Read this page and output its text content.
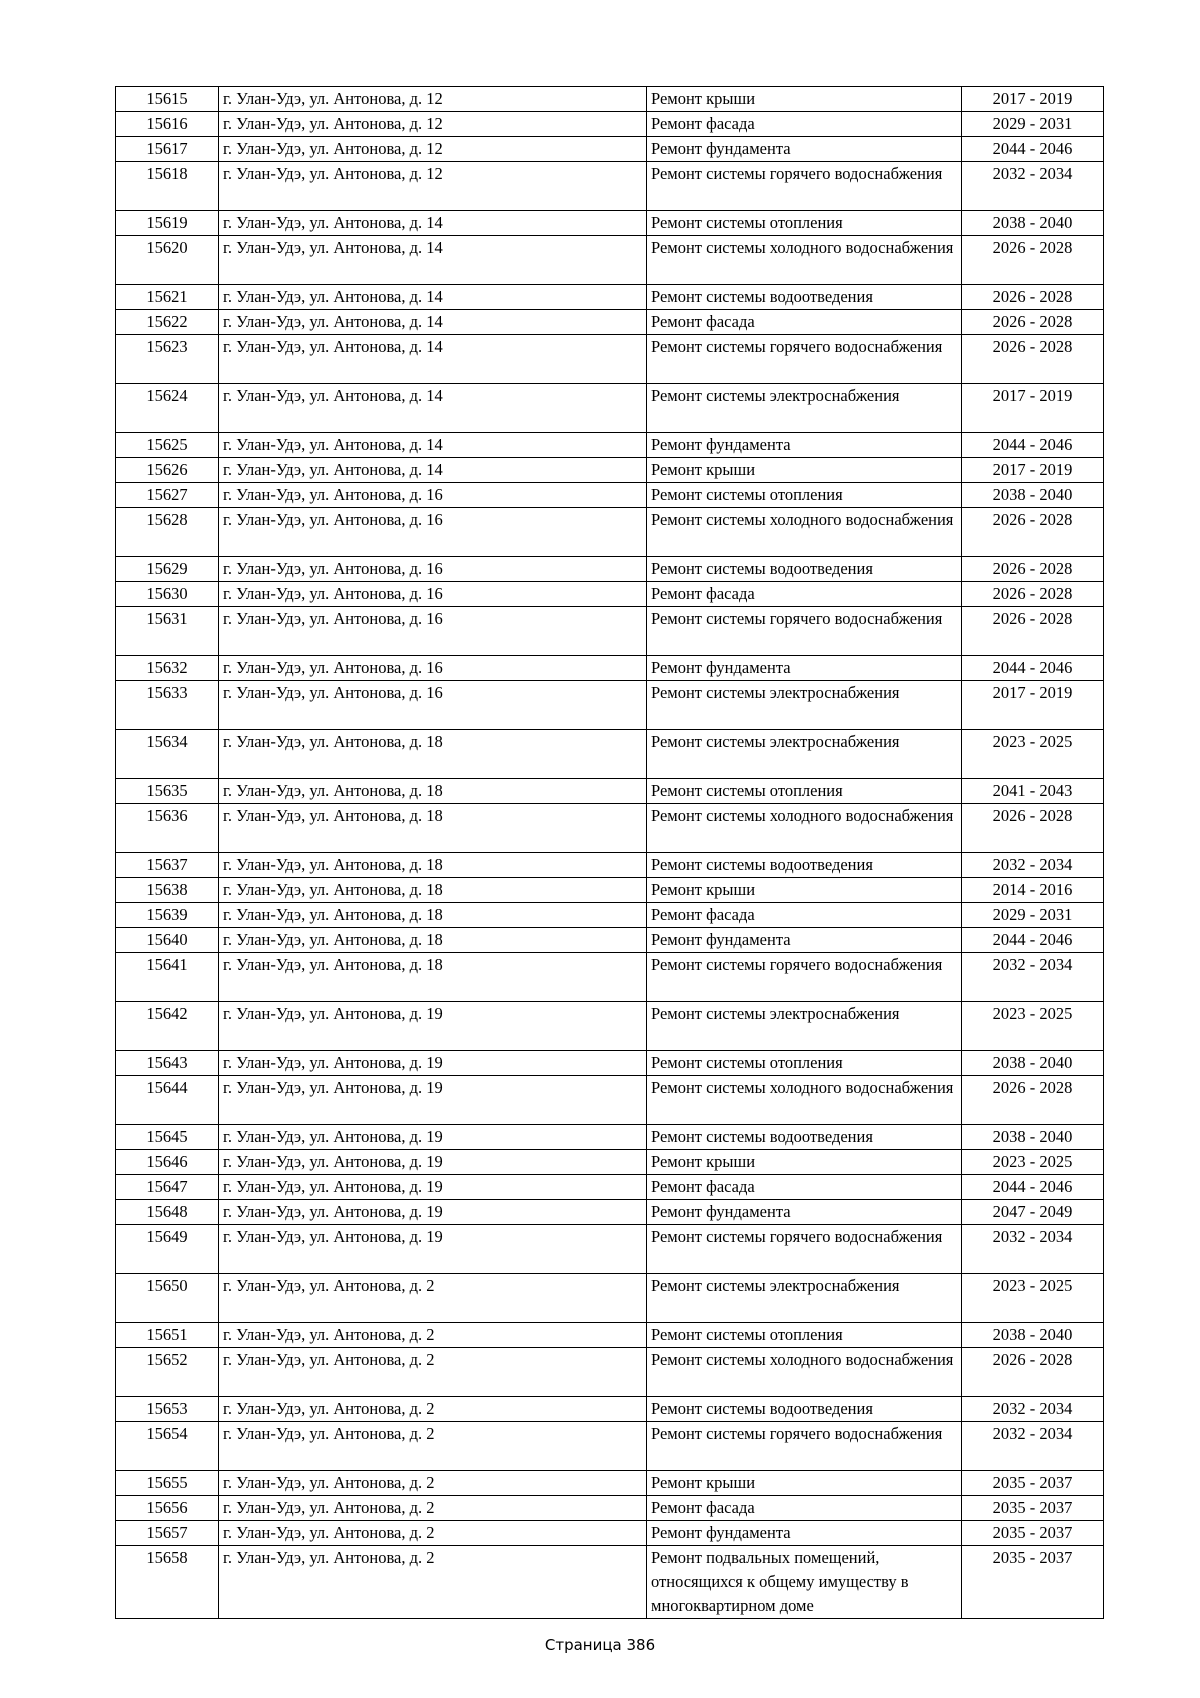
15615	г. Улан-Удэ, ул. Антонова, д. 12	Ремонт крыши	2017 - 2019
15616	г. Улан-Удэ, ул. Антонова, д. 12	Ремонт фасада	2029 - 2031
15617	г. Улан-Удэ, ул. Антонова, д. 12	Ремонт фундамента	2044 - 2046
15618	г. Улан-Удэ, ул. Антонова, д. 12	Ремонт системы горячего водоснабжения	2032 - 2034
15619	г. Улан-Удэ, ул. Антонова, д. 14	Ремонт системы отопления	2038 - 2040
15620	г. Улан-Удэ, ул. Антонова, д. 14	Ремонт системы холодного водоснабжения	2026 - 2028
15621	г. Улан-Удэ, ул. Антонова, д. 14	Ремонт системы водоотведения	2026 - 2028
15622	г. Улан-Удэ, ул. Антонова, д. 14	Ремонт фасада	2026 - 2028
15623	г. Улан-Удэ, ул. Антонова, д. 14	Ремонт системы горячего водоснабжения	2026 - 2028
15624	г. Улан-Удэ, ул. Антонова, д. 14	Ремонт системы электроснабжения	2017 - 2019
15625	г. Улан-Удэ, ул. Антонова, д. 14	Ремонт фундамента	2044 - 2046
15626	г. Улан-Удэ, ул. Антонова, д. 14	Ремонт крыши	2017 - 2019
15627	г. Улан-Удэ, ул. Антонова, д. 16	Ремонт системы отопления	2038 - 2040
15628	г. Улан-Удэ, ул. Антонова, д. 16	Ремонт системы холодного водоснабжения	2026 - 2028
15629	г. Улан-Удэ, ул. Антонова, д. 16	Ремонт системы водоотведения	2026 - 2028
15630	г. Улан-Удэ, ул. Антонова, д. 16	Ремонт фасада	2026 - 2028
15631	г. Улан-Удэ, ул. Антонова, д. 16	Ремонт системы горячего водоснабжения	2026 - 2028
15632	г. Улан-Удэ, ул. Антонова, д. 16	Ремонт фундамента	2044 - 2046
15633	г. Улан-Удэ, ул. Антонова, д. 16	Ремонт системы электроснабжения	2017 - 2019
15634	г. Улан-Удэ, ул. Антонова, д. 18	Ремонт системы электроснабжения	2023 - 2025
15635	г. Улан-Удэ, ул. Антонова, д. 18	Ремонт системы отопления	2041 - 2043
15636	г. Улан-Удэ, ул. Антонова, д. 18	Ремонт системы холодного водоснабжения	2026 - 2028
15637	г. Улан-Удэ, ул. Антонова, д. 18	Ремонт системы водоотведения	2032 - 2034
15638	г. Улан-Удэ, ул. Антонова, д. 18	Ремонт крыши	2014 - 2016
15639	г. Улан-Удэ, ул. Антонова, д. 18	Ремонт фасада	2029 - 2031
15640	г. Улан-Удэ, ул. Антонова, д. 18	Ремонт фундамента	2044 - 2046
15641	г. Улан-Удэ, ул. Антонова, д. 18	Ремонт системы горячего водоснабжения	2032 - 2034
15642	г. Улан-Удэ, ул. Антонова, д. 19	Ремонт системы электроснабжения	2023 - 2025
15643	г. Улан-Удэ, ул. Антонова, д. 19	Ремонт системы отопления	2038 - 2040
15644	г. Улан-Удэ, ул. Антонова, д. 19	Ремонт системы холодного водоснабжения	2026 - 2028
15645	г. Улан-Удэ, ул. Антонова, д. 19	Ремонт системы водоотведения	2038 - 2040
15646	г. Улан-Удэ, ул. Антонова, д. 19	Ремонт крыши	2023 - 2025
15647	г. Улан-Удэ, ул. Антонова, д. 19	Ремонт фасада	2044 - 2046
15648	г. Улан-Удэ, ул. Антонова, д. 19	Ремонт фундамента	2047 - 2049
15649	г. Улан-Удэ, ул. Антонова, д. 19	Ремонт системы горячего водоснабжения	2032 - 2034
15650	г. Улан-Удэ, ул. Антонова, д. 2	Ремонт системы электроснабжения	2023 - 2025
15651	г. Улан-Удэ, ул. Антонова, д. 2	Ремонт системы отопления	2038 - 2040
15652	г. Улан-Удэ, ул. Антонова, д. 2	Ремонт системы холодного водоснабжения	2026 - 2028
15653	г. Улан-Удэ, ул. Антонова, д. 2	Ремонт системы водоотведения	2032 - 2034
15654	г. Улан-Удэ, ул. Антонова, д. 2	Ремонт системы горячего водоснабжения	2032 - 2034
15655	г. Улан-Удэ, ул. Антонова, д. 2	Ремонт крыши	2035 - 2037
15656	г. Улан-Удэ, ул. Антонова, д. 2	Ремонт фасада	2035 - 2037
15657	г. Улан-Удэ, ул. Антонова, д. 2	Ремонт фундамента	2035 - 2037
15658	г. Улан-Удэ, ул. Антонова, д. 2	Ремонт подвальных помещений, относящихся к общему имуществу в многоквартирном доме	2035 - 2037
Страница 386
